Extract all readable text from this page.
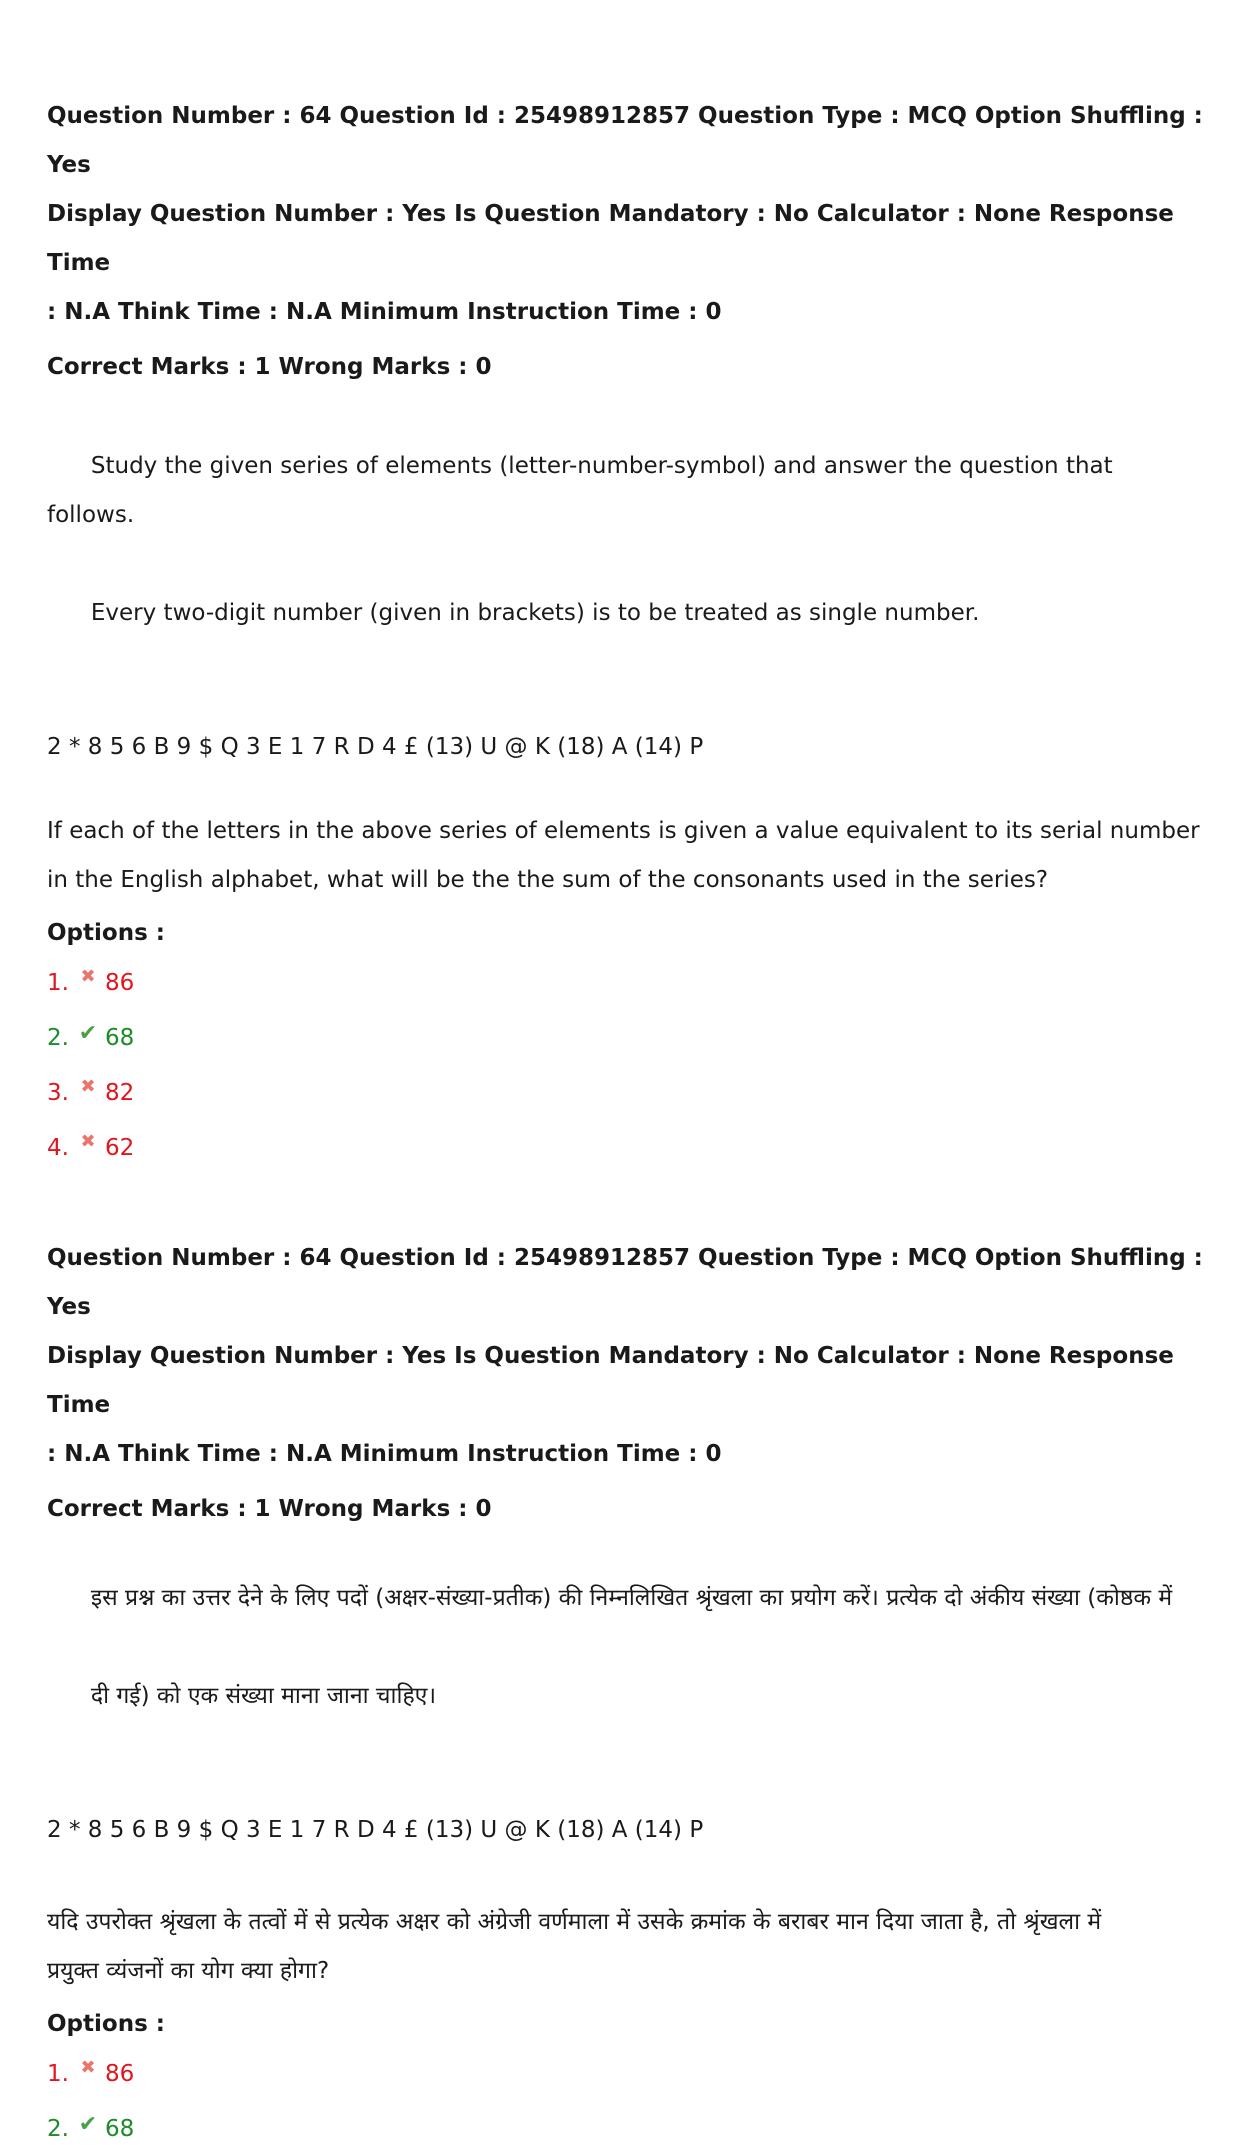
Question Number : 64 Question Id : 25498912857 Question Type : MCQ Option Shuffling : Yes
Display Question Number : Yes Is Question Mandatory : No Calculator : None Response Time
: N.A Think Time : N.A Minimum Instruction Time : 0

Correct Marks : 1 Wrong Marks : 0

Study the given series of elements (letter-number-symbol) and answer the question that follows.

Every two-digit number (given in brackets) is to be treated as single number.

2 * 8 5 6 B 9 $ Q 3 E 1 7 R D 4 £ (13) U @ K (18) A (14) P

If each of the letters in the above series of elements is given a value equivalent to its serial number
in the English alphabet, what will be the the sum of the consonants used in the series?

Options :

1. ✖ 86
2. ✔ 68
3. ✖ 82
4. ✖ 62

Question Number : 64 Question Id : 25498912857 Question Type : MCQ Option Shuffling : Yes
Display Question Number : Yes Is Question Mandatory : No Calculator : None Response Time
: N.A Think Time : N.A Minimum Instruction Time : 0

Correct Marks : 1 Wrong Marks : 0

इस प्रश्न का उत्तर देने के लिए पदों (अक्षर-संख्या-प्रतीक) की निम्नलिखित श्रृंखला का प्रयोग करें। प्रत्येक दो अंकीय संख्या (कोष्ठक में

दी गई) को एक संख्या माना जाना चाहिए।

2 * 8 5 6 B 9 $ Q 3 E 1 7 R D 4 £ (13) U @ K (18) A (14) P

यदि उपरोक्त श्रृंखला के तत्वों में से प्रत्येक अक्षर को अंग्रेजी वर्णमाला में उसके क्रमांक के बराबर मान दिया जाता है, तो श्रृंखला में
प्रयुक्त व्यंजनों का योग क्या होगा?

Options :

1. ✖ 86
2. ✔ 68
